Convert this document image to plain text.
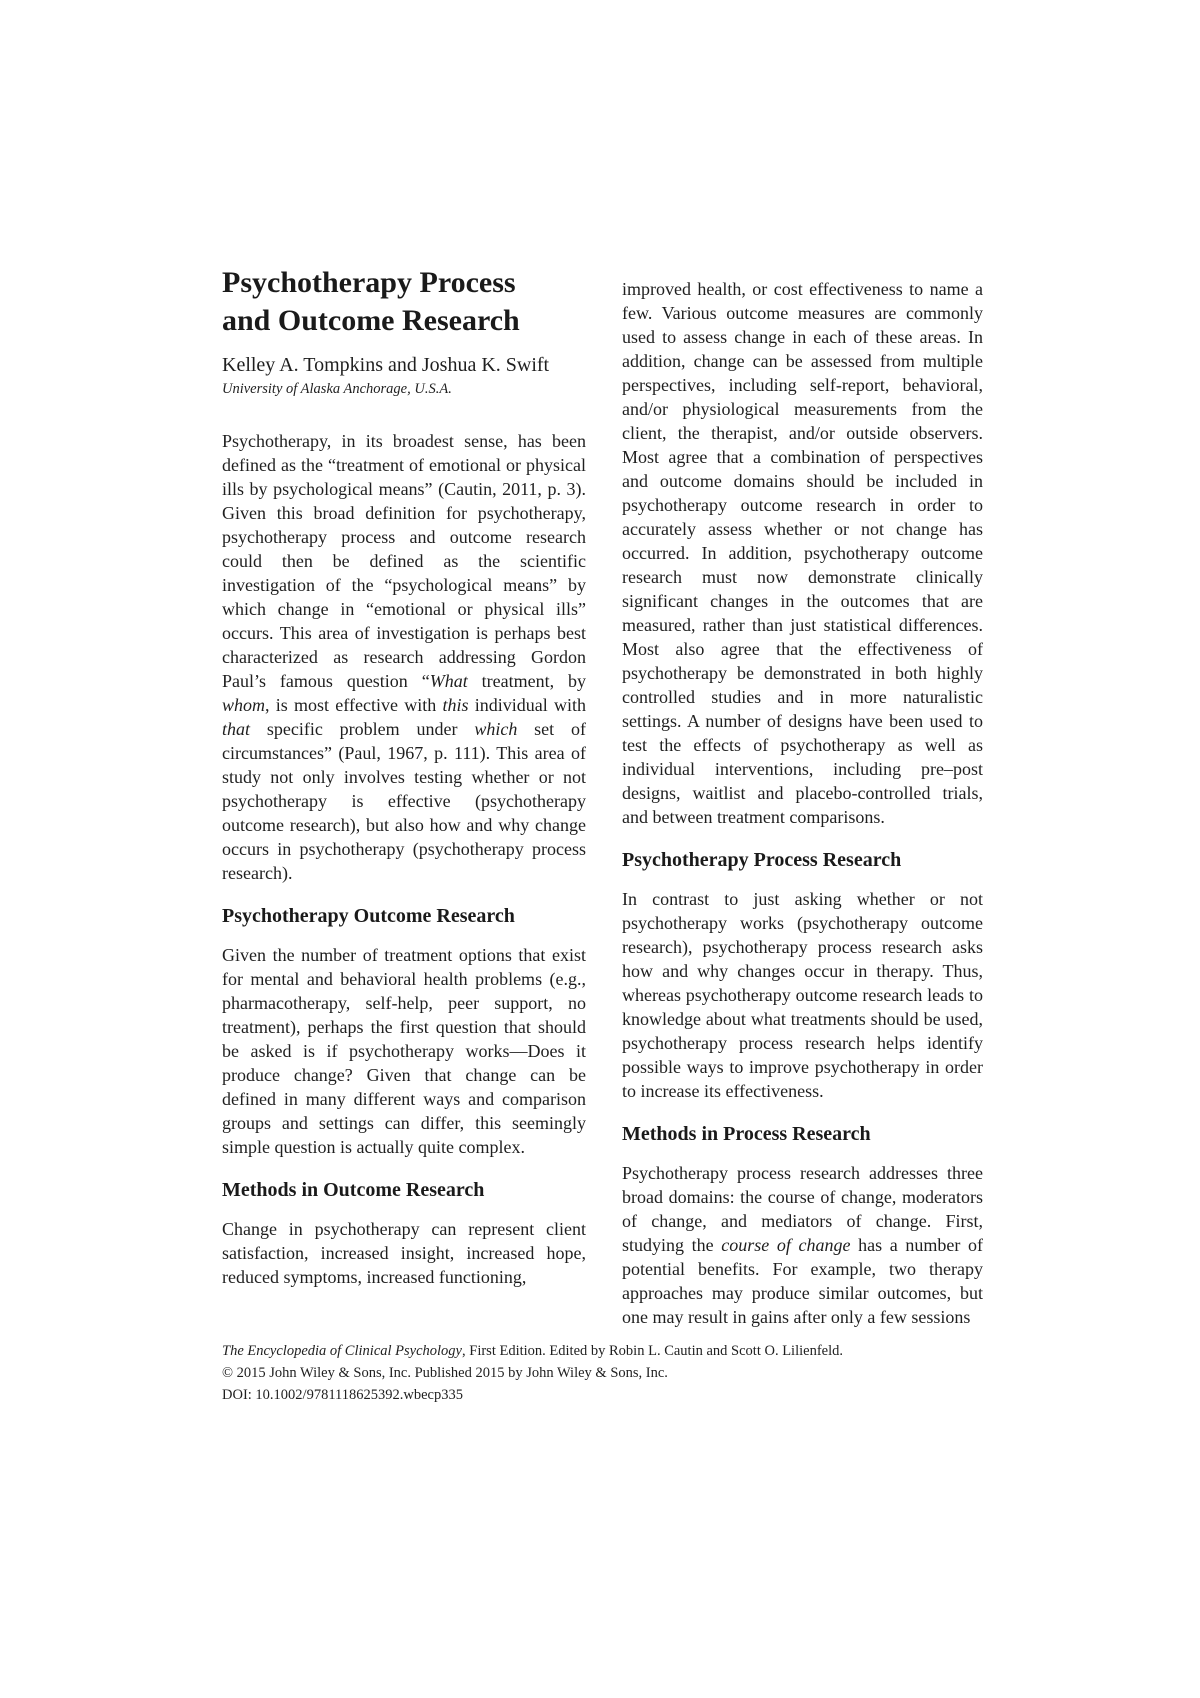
Psychotherapy Process and Outcome Research
Kelley A. Tompkins and Joshua K. Swift
University of Alaska Anchorage, U.S.A.

Psychotherapy, in its broadest sense, has been defined as the “treatment of emotional or physical ills by psychological means” (Cautin, 2011, p. 3). Given this broad definition for psychotherapy, psychotherapy process and outcome research could then be defined as the scientific investigation of the “psychological means” by which change in “emotional or physical ills” occurs. This area of investigation is perhaps best characterized as research addressing Gordon Paul’s famous question “What treatment, by whom, is most effective with this individual with that specific problem under which set of circumstances” (Paul, 1967, p. 111). This area of study not only involves testing whether or not psychotherapy is effective (psychotherapy outcome research), but also how and why change occurs in psychotherapy (psychotherapy process research).

Psychotherapy Outcome Research

Given the number of treatment options that exist for mental and behavioral health problems (e.g., pharmacotherapy, self-help, peer support, no treatment), perhaps the first question that should be asked is if psychotherapy works—Does it produce change? Given that change can be defined in many different ways and comparison groups and settings can differ, this seemingly simple question is actually quite complex.

Methods in Outcome Research

Change in psychotherapy can represent client satisfaction, increased insight, increased hope, reduced symptoms, increased functioning,

improved health, or cost effectiveness to name a few. Various outcome measures are commonly used to assess change in each of these areas. In addition, change can be assessed from multiple perspectives, including self-report, behavioral, and/or physiological measurements from the client, the therapist, and/or outside observers. Most agree that a combination of perspectives and outcome domains should be included in psychotherapy outcome research in order to accurately assess whether or not change has occurred. In addition, psychotherapy outcome research must now demonstrate clinically significant changes in the outcomes that are measured, rather than just statistical differences. Most also agree that the effectiveness of psychotherapy be demonstrated in both highly controlled studies and in more naturalistic settings. A number of designs have been used to test the effects of psychotherapy as well as individual interventions, including pre–post designs, waitlist and placebo-controlled trials, and between treatment comparisons.

Psychotherapy Process Research

In contrast to just asking whether or not psychotherapy works (psychotherapy outcome research), psychotherapy process research asks how and why changes occur in therapy. Thus, whereas psychotherapy outcome research leads to knowledge about what treatments should be used, psychotherapy process research helps identify possible ways to improve psychotherapy in order to increase its effectiveness.

Methods in Process Research

Psychotherapy process research addresses three broad domains: the course of change, moderators of change, and mediators of change. First, studying the course of change has a number of potential benefits. For example, two therapy approaches may produce similar outcomes, but one may result in gains after only a few sessions

The Encyclopedia of Clinical Psychology, First Edition. Edited by Robin L. Cautin and Scott O. Lilienfeld.
© 2015 John Wiley & Sons, Inc. Published 2015 by John Wiley & Sons, Inc.
DOI: 10.1002/9781118625392.wbecp335
